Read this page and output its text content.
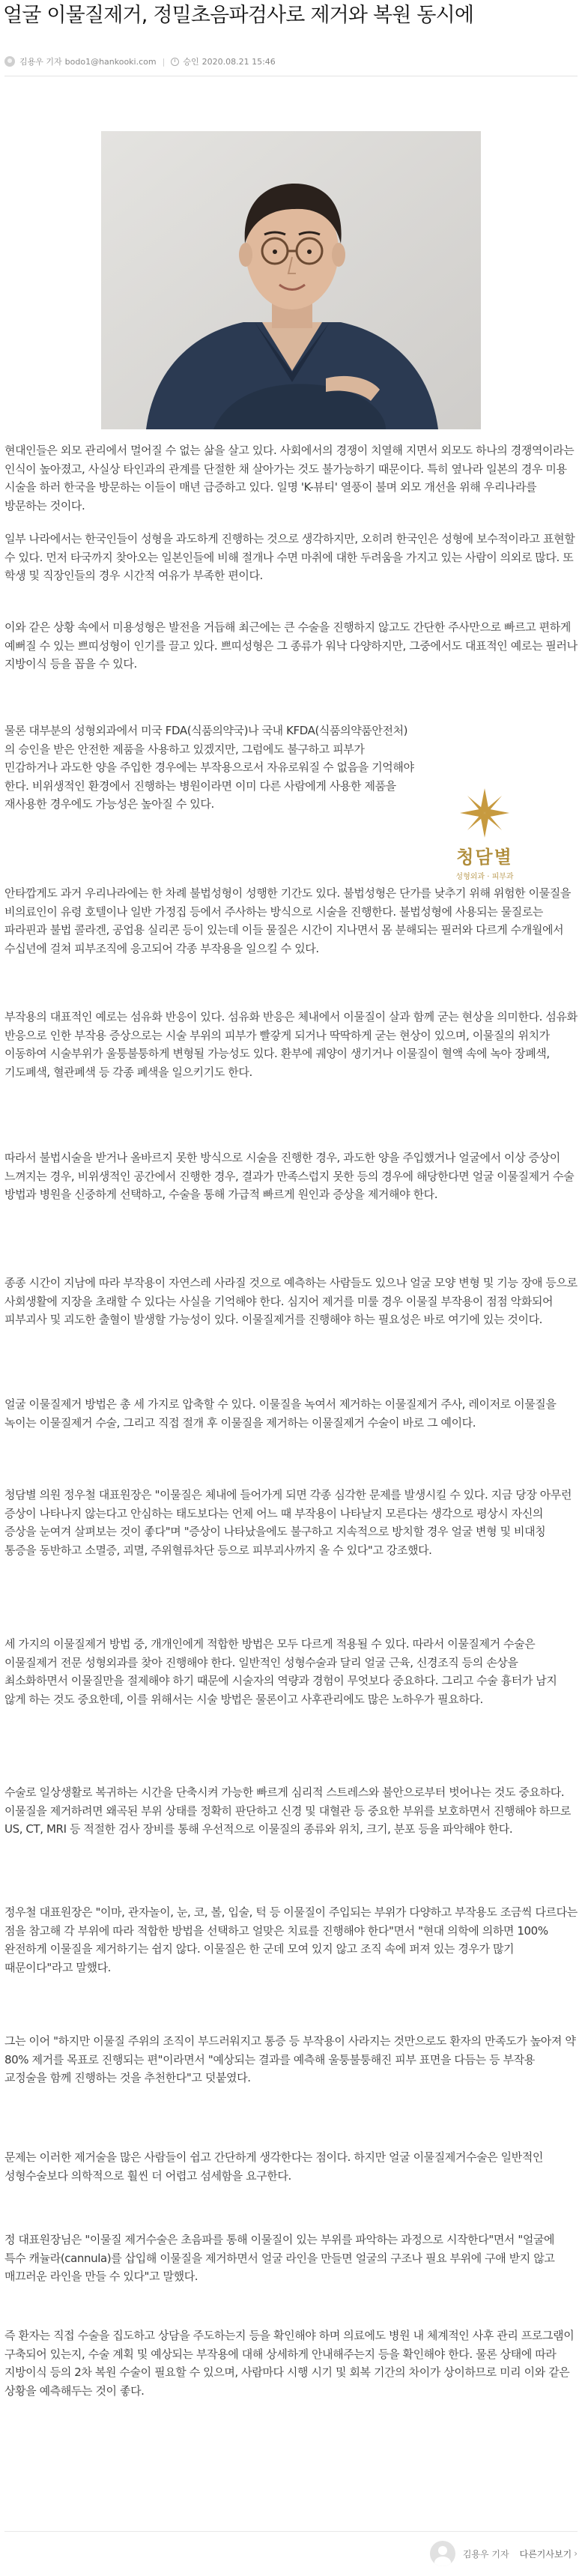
얼굴 이물질제거, 정밀초음파검사로 제거와 복원 동시에
김용우 기자 bodo1@hankooki.com | 승인 2020.08.21 15:46

현대인들은 외모 관리에서 멀어질 수 없는 삶을 살고 있다. 사회에서의 경쟁이 치열해 지면서 외모도 하나의 경쟁역이라는 인식이 높아졌고, 사실상 타인과의 관계를 단절한 채 살아가는 것도 불가능하기 때문이다. 특히 옆나라 일본의 경우 미용 시술을 하러 한국을 방문하는 이들이 매년 급증하고 있다. 일명 'K-뷰티' 열풍이 불며 외모 개선을 위해 우리나라를 방문하는 것이다.

일부 나라에서는 한국인들이 성형을 과도하게 진행하는 것으로 생각하지만, 오히려 한국인은 성형에 보수적이라고 표현할 수 있다. 먼저 타국까지 찾아오는 일본인들에 비해 절개나 수면 마취에 대한 두려움을 가지고 있는 사람이 의외로 많다. 또 학생 및 직장인들의 경우 시간적 여유가 부족한 편이다.

이와 같은 상황 속에서 미용성형은 발전을 거듭해 최근에는 큰 수술을 진행하지 않고도 간단한 주사만으로 빠르고 편하게 예뻐질 수 있는 쁘띠성형이 인기를 끌고 있다. 쁘띠성형은 그 종류가 워낙 다양하지만, 그중에서도 대표적인 예로는 필러나 지방이식 등을 꼽을 수 있다.

물론 대부분의 성형외과에서 미국 FDA(식품의약국)나 국내 KFDA(식품의약품안전처)의 승인을 받은 안전한 제품을 사용하고 있겠지만, 그럼에도 불구하고 피부가 민감하거나 과도한 양을 주입한 경우에는 부작용으로서 자유로워질 수 없음을 기억해야 한다. 비위생적인 환경에서 진행하는 병원이라면 이미 다른 사람에게 사용한 제품을 재사용한 경우에도 가능성은 높아질 수 있다.

청담별
성형외과 · 피부과

안타깝게도 과거 우리나라에는 한 차례 불법성형이 성행한 기간도 있다. 불법성형은 단가를 낮추기 위해 위험한 이물질을 비의료인이 유령 호텔이나 일반 가정집 등에서 주사하는 방식으로 시술을 진행한다. 불법성형에 사용되는 물질로는 파라핀과 불법 콜라겐, 공업용 실리콘 등이 있는데 이들 물질은 시간이 지나면서 몸 분해되는 필러와 다르게 수개월에서 수십년에 걸쳐 피부조직에 응고되어 각종 부작용을 일으킬 수 있다.

부작용의 대표적인 예로는 섬유화 반응이 있다. 섬유화 반응은 체내에서 이물질이 살과 함께 굳는 현상을 의미한다. 섬유화 반응으로 인한 부작용 증상으로는 시술 부위의 피부가 빨갛게 되거나 딱딱하게 굳는 현상이 있으며, 이물질의 위치가 이동하여 시술부위가 울퉁불퉁하게 변형될 가능성도 있다. 환부에 궤양이 생기거나 이물질이 혈액 속에 녹아 장폐색, 기도폐색, 혈관폐색 등 각종 폐색을 일으키기도 한다.

따라서 불법시술을 받거나 올바르지 못한 방식으로 시술을 진행한 경우, 과도한 양을 주입했거나 얼굴에서 이상 증상이 느껴지는 경우, 비위생적인 공간에서 진행한 경우, 결과가 만족스럽지 못한 등의 경우에 해당한다면 얼굴 이물질제거 수술 방법과 병원을 신중하게 선택하고, 수술을 통해 가급적 빠르게 원인과 증상을 제거해야 한다.

종종 시간이 지남에 따라 부작용이 자연스레 사라질 것으로 예측하는 사람들도 있으나 얼굴 모양 변형 및 기능 장애 등으로 사회생활에 지장을 초래할 수 있다는 사실을 기억해야 한다. 심지어 제거를 미룰 경우 이물질 부작용이 점점 악화되어 피부괴사 및 괴도한 출혈이 발생할 가능성이 있다. 이물질제거를 진행해야 하는 필요성은 바로 여기에 있는 것이다.

얼굴 이물질제거 방법은 총 세 가지로 압축할 수 있다. 이물질을 녹여서 제거하는 이물질제거 주사, 레이저로 이물질을 녹이는 이물질제거 수술, 그리고 직접 절개 후 이물질을 제거하는 이물질제거 수술이 바로 그 예이다.

청담별 의원 정우철 대표원장은 "이물질은 체내에 들어가게 되면 각종 심각한 문제를 발생시킬 수 있다. 지금 당장 아무런 증상이 나타나지 않는다고 안심하는 태도보다는 언제 어느 때 부작용이 나타날지 모른다는 생각으로 평상시 자신의 증상을 눈여겨 살펴보는 것이 좋다"며 "증상이 나타났을에도 불구하고 지속적으로 방치할 경우 얼굴 변형 및 비대칭 통증을 동반하고 소멸증, 괴멸, 주위혈류차단 등으로 피부괴사까지 올 수 있다"고 강조했다.

세 가지의 이물질제거 방법 중, 개개인에게 적합한 방법은 모두 다르게 적용될 수 있다. 따라서 이물질제거 수술은 이물질제거 전문 성형외과를 찾아 진행해야 한다. 일반적인 성형수술과 달리 얼굴 근육, 신경조직 등의 손상을 최소화하면서 이물질만을 절제해야 하기 때문에 시술자의 역량과 경험이 무엇보다 중요하다. 그리고 수술 흉터가 남지 않게 하는 것도 중요한데, 이를 위해서는 시술 방법은 물론이고 사후관리에도 많은 노하우가 필요하다.

수술로 일상생활로 복귀하는 시간을 단축시켜 가능한 빠르게 심리적 스트레스와 불안으로부터 벗어나는 것도 중요하다. 이물질을 제거하려면 왜곡된 부위 상태를 정확히 판단하고 신경 및 대혈관 등 중요한 부위를 보호하면서 진행해야 하므로 US, CT, MRI 등 적절한 검사 장비를 통해 우선적으로 이물질의 종류와 위치, 크기, 분포 등을 파악해야 한다.

정우철 대표원장은 "이마, 관자놀이, 눈, 코, 볼, 입술, 턱 등 이물질이 주입되는 부위가 다양하고 부작용도 조금씩 다르다는 점을 참고해 각 부위에 따라 적합한 방법을 선택하고 얼맞은 치료를 진행해야 한다"면서 "현대 의학에 의하면 100% 완전하게 이물질을 제거하기는 쉽지 않다. 이물질은 한 군데 모여 있지 않고 조직 속에 퍼져 있는 경우가 많기 때문이다"라고 말했다.

그는 이어 "하지만 이물질 주위의 조직이 부드러워지고 통증 등 부작용이 사라지는 것만으로도 환자의 만족도가 높아져 약 80% 제거를 목표로 진행되는 편"이라면서 "예상되는 결과를 예측해 울퉁불퉁해진 피부 표면을 다듬는 등 부작용 교정술을 함께 진행하는 것을 추천한다"고 덧붙였다.

문제는 이러한 제거술을 많은 사람들이 쉽고 간단하게 생각한다는 점이다. 하지만 얼굴 이물질제거수술은 일반적인 성형수술보다 의학적으로 훨씬 더 어렵고 섬세함을 요구한다.

정 대표원장님은 "이물질 제거수술은 초음파를 통해 이물질이 있는 부위를 파악하는 과정으로 시작한다"면서 "얼굴에 특수 캐뉼라(cannula)를 삽입해 이물질을 제거하면서 얼굴 라인을 만들면 얼굴의 구조나 필요 부위에 구애 받지 않고 매끄러운 라인을 만들 수 있다"고 말했다.

즉 환자는 직접 수술을 집도하고 상담을 주도하는지 등을 확인해야 하며 의료에도 병원 내 체계적인 사후 관리 프로그램이 구축되어 있는지, 수술 계획 및 예상되는 부작용에 대해 상세하게 안내해주는지 등을 확인해야 한다. 물론 상태에 따라 지방이식 등의 2차 복원 수술이 필요할 수 있으며, 사람마다 시행 시기 및 회복 기간의 차이가 상이하므로 미리 이와 같은 상황을 예측해두는 것이 좋다.

김용우 기자 다른기사보기 ›
